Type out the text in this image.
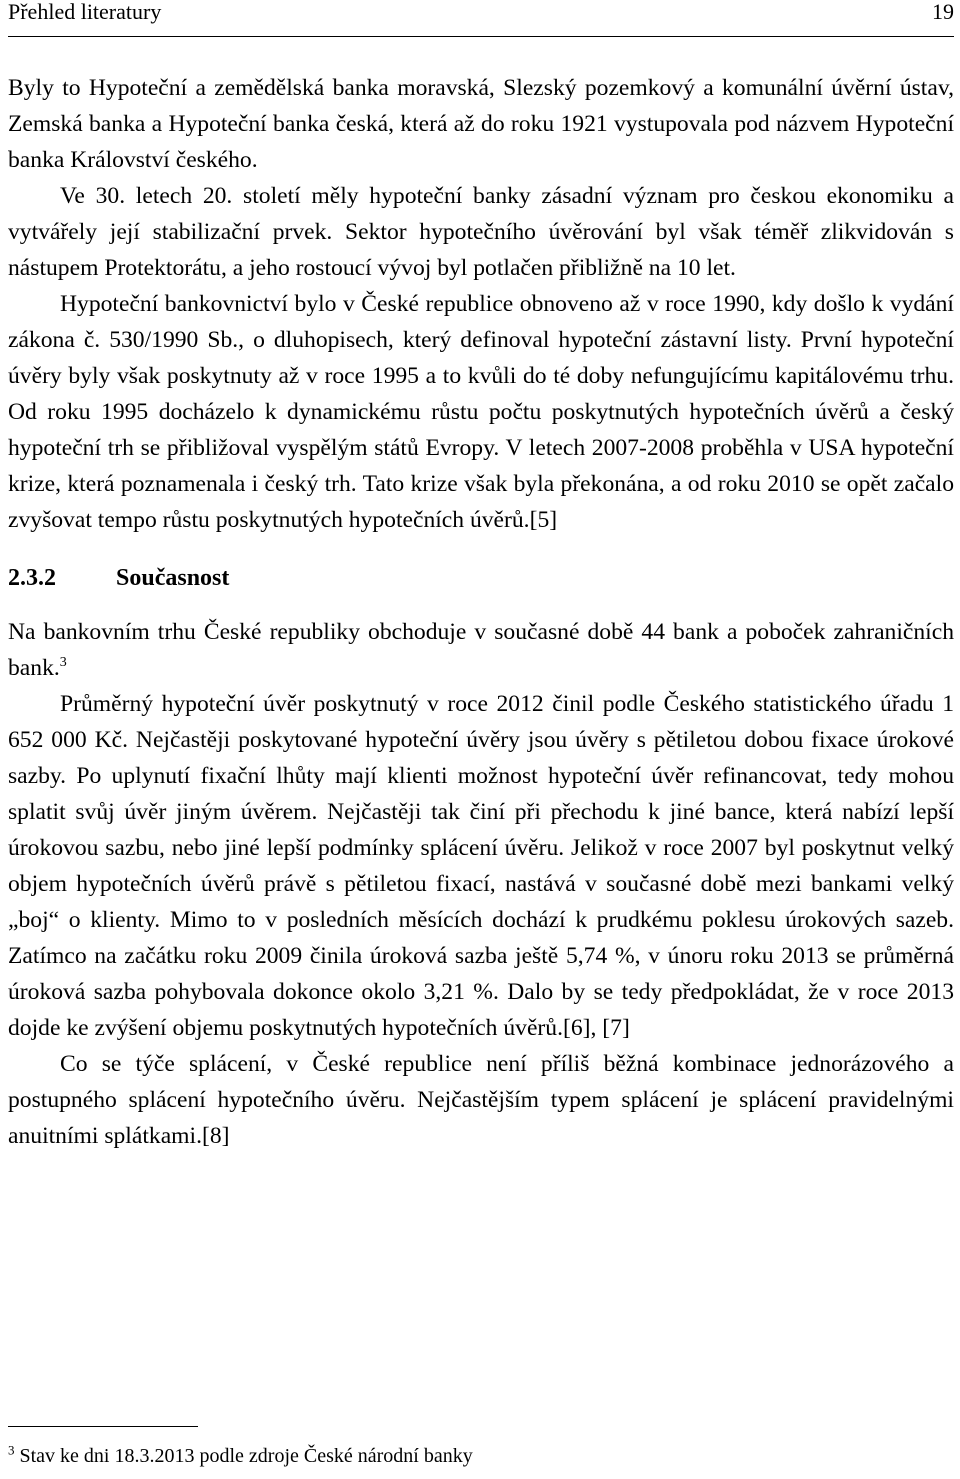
Přehled literatury	19

Byly to Hypoteční a zemědělská banka moravská, Slezský pozemkový a komunální úvěrní ústav, Zemská banka a Hypoteční banka česká, která až do roku 1921 vystupovala pod názvem Hypoteční banka Království českého.

Ve 30. letech 20. století měly hypoteční banky zásadní význam pro českou ekonomiku a vytvářely její stabilizační prvek. Sektor hypotečního úvěrování byl však téměř zlikvidován s nástupem Protektorátu, a jeho rostoucí vývoj byl potlačen přibližně na 10 let.

Hypoteční bankovnictví bylo v České republice obnoveno až v roce 1990, kdy došlo k vydání zákona č. 530/1990 Sb., o dluhopisech, který definoval hypoteční zástavní listy. První hypoteční úvěry byly však poskytnuty až v roce 1995 a to kvůli do té doby nefungujícímu kapitálovému trhu. Od roku 1995 docházelo k dynamickému růstu počtu poskytnutých hypotečních úvěrů a český hypoteční trh se přibližoval vyspělým států Evropy. V letech 2007-2008 proběhla v USA hypoteční krize, která poznamenala i český trh. Tato krize však byla překonána, a od roku 2010 se opět začalo zvyšovat tempo růstu poskytnutých hypotečních úvěrů.[5]

2.3.2	Současnost

Na bankovním trhu České republiky obchoduje v současné době 44 bank a poboček zahraničních bank.$^3$

Průměrný hypoteční úvěr poskytnutý v roce 2012 činil podle Českého statistického úřadu 1 652 000 Kč. Nejčastěji poskytované hypoteční úvěry jsou úvěry s pětiletou dobou fixace úrokové sazby. Po uplynutí fixační lhůty mají klienti možnost hypoteční úvěr refinancovat, tedy mohou splatit svůj úvěr jiným úvěrem. Nejčastěji tak činí při přechodu k jiné bance, která nabízí lepší úrokovou sazbu, nebo jiné lepší podmínky splácení úvěru. Jelikož v roce 2007 byl poskytnut velký objem hypotečních úvěrů právě s pětiletou fixací, nastává v současné době mezi bankami velký „boj“ o klienty. Mimo to v posledních měsících dochází k prudkému poklesu úrokových sazeb. Zatímco na začátku roku 2009 činila úroková sazba ještě 5,74 %, v únoru roku 2013 se průměrná úroková sazba pohybovala dokonce okolo 3,21 %. Dalo by se tedy předpokládat, že v roce 2013 dojde ke zvýšení objemu poskytnutých hypotečních úvěrů.[6], [7]

Co se týče splácení, v České republice není příliš běžná kombinace jednorázového a postupného splácení hypotečního úvěru. Nejčastějším typem splácení je splácení pravidelnými anuitními splátkami.[8]

$^3$ Stav ke dni 18.3.2013 podle zdroje České národní banky
